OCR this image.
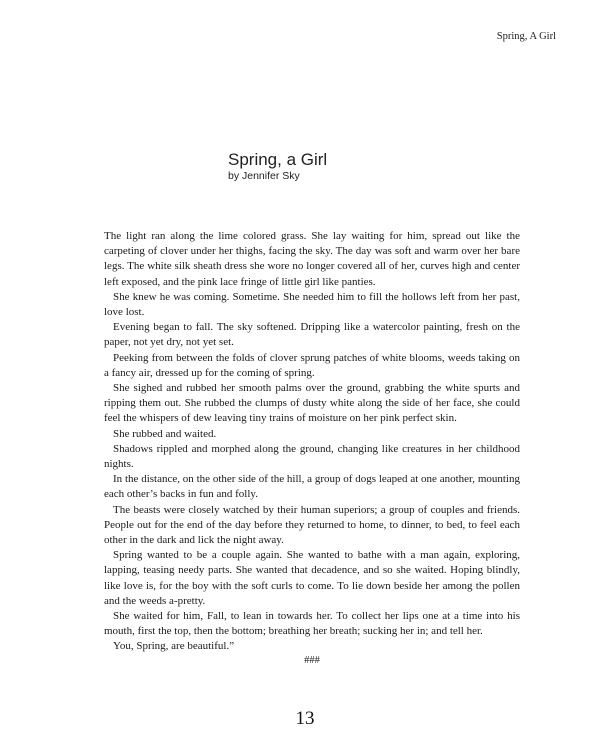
Spring, A Girl
Spring, a Girl

by Jennifer Sky

The light ran along the lime colored grass. She lay waiting for him, spread out like the carpeting of clover under her thighs, facing the sky. The day was soft and warm over her bare legs. The white silk sheath dress she wore no longer covered all of her, curves high and center left exposed, and the pink lace fringe of little girl like panties.

She knew he was coming. Sometime. She needed him to fill the hollows left from her past, love lost.

Evening began to fall. The sky softened. Dripping like a watercolor painting, fresh on the paper, not yet dry, not yet set.

Peeking from between the folds of clover sprung patches of white blooms, weeds taking on a fancy air, dressed up for the coming of spring.

She sighed and rubbed her smooth palms over the ground, grabbing the white spurts and ripping them out. She rubbed the clumps of dusty white along the side of her face, she could feel the whispers of dew leaving tiny trains of moisture on her pink perfect skin.

She rubbed and waited.

Shadows rippled and morphed along the ground, changing like creatures in her childhood nights.

In the distance, on the other side of the hill, a group of dogs leaped at one another, mounting each other’s backs in fun and folly.

The beasts were closely watched by their human superiors; a group of couples and friends. People out for the end of the day before they returned to home, to dinner, to bed, to feel each other in the dark and lick the night away.

Spring wanted to be a couple again. She wanted to bathe with a man again, exploring, lapping, teasing needy parts. She wanted that decadence, and so she waited. Hoping blindly, like love is, for the boy with the soft curls to come. To lie down beside her among the pollen and the weeds a-pretty.

She waited for him, Fall, to lean in towards her. To collect her lips one at a time into his mouth, first the top, then the bottom; breathing her breath; sucking her in; and tell her.

You, Spring, are beautiful.”

###
13
